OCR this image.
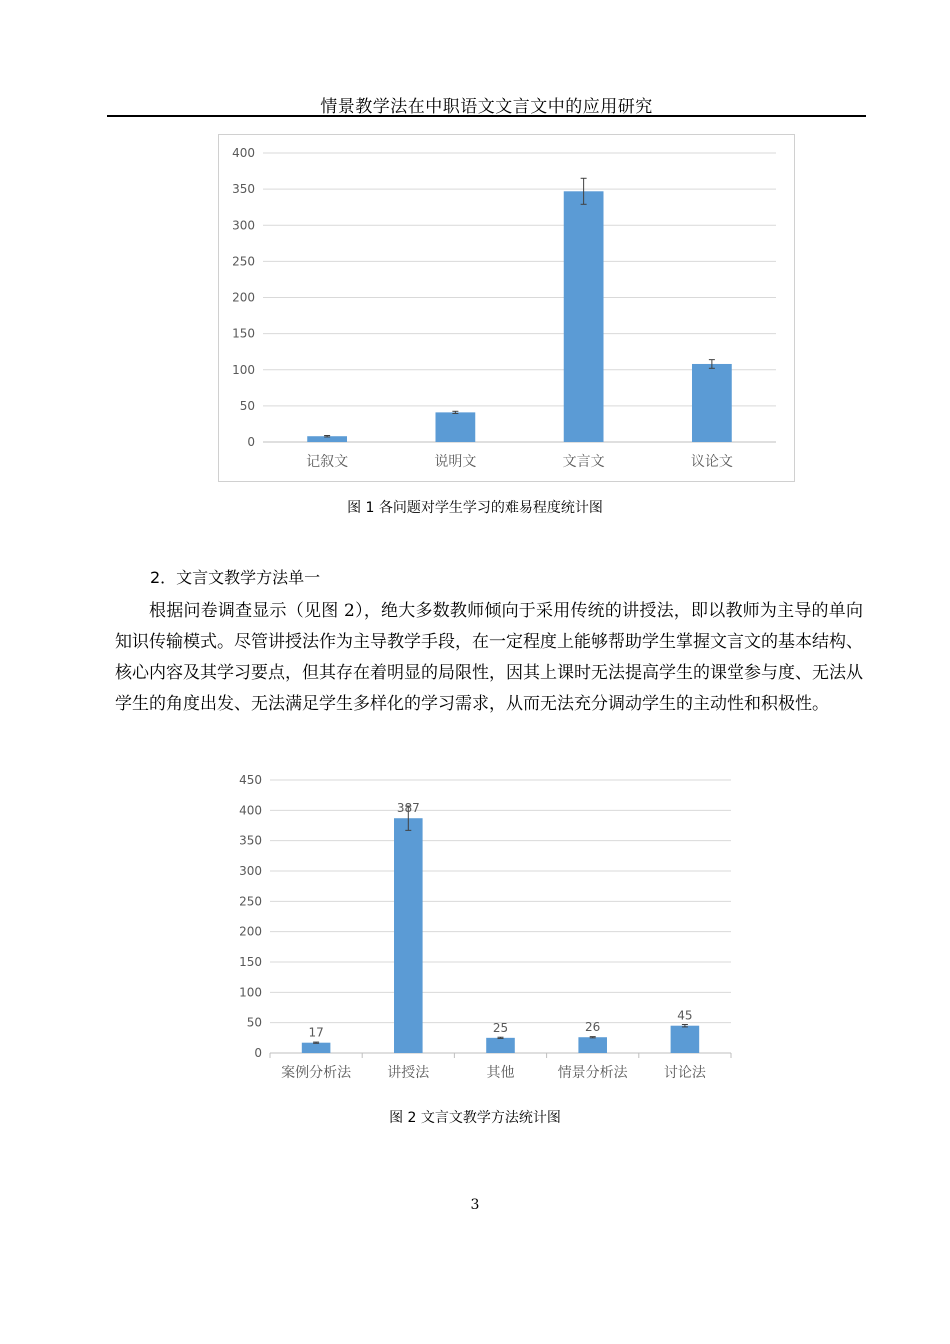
情景教学法在中职语文文言文中的应用研究
0
50
100
150
200
250
300
350
400
记叙文	说明文	文言文	议论文
图 1 各问题对学生学习的难易程度统计图
2．文言文教学方法单一

根据问卷调查显示（见图 2），绝大多数教师倾向于采用传统的讲授法，即以教师为主导的单向知识传输模式。尽管讲授法作为主导教学手段，在一定程度上能够帮助学生掌握文言文的基本结构、核心内容及其学习要点，但其存在着明显的局限性，因其上课时无法提高学生的课堂参与度、无法从学生的角度出发、无法满足学生多样化的学习需求，从而无法充分调动学生的主动性和积极性。

0
50
100
150
200
250
300
350
400
450
17
案例分析法
387
讲授法
25
其他
26
情景分析法
45
讨论法
图 2 文言文教学方法统计图
3
